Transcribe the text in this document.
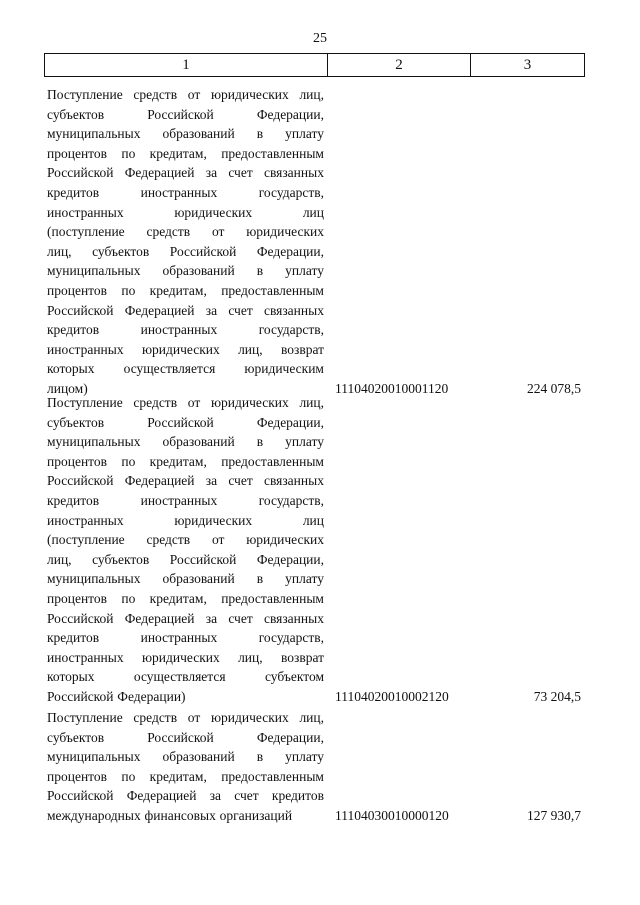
25
1	2	3
Поступление средств от юридических лиц,
субъектов	Российской	Федерации,
муниципальных образований в уплату
процентов по кредитам, предоставленным
Российской Федерацией за счет связанных
кредитов	иностранных	государств,
иностранных	юридических	лиц
(поступление средств от юридических
лиц, субъектов Российской Федерации,
муниципальных образований в уплату
процентов по кредитам, предоставленным
Российской Федерацией за счет связанных
кредитов	иностранных	государств,
иностранных юридических лиц, возврат
которых осуществляется юридическим
лицом)	11104020010001120	224 078,5
Поступление средств от юридических лиц,
субъектов	Российской	Федерации,
муниципальных образований в уплату
процентов по кредитам, предоставленным
Российской Федерацией за счет связанных
кредитов	иностранных	государств,
иностранных	юридических	лиц
(поступление средств от юридических
лиц, субъектов Российской Федерации,
муниципальных образований в уплату
процентов по кредитам, предоставленным
Российской Федерацией за счет связанных
кредитов	иностранных	государств,
иностранных юридических лиц, возврат
которых	осуществляется	субъектом
Российской Федерации)	11104020010002120	73 204,5
Поступление средств от юридических лиц,
субъектов	Российской	Федерации,
муниципальных образований в уплату
процентов по кредитам, предоставленным
Российской Федерацией за счет кредитов
международных финансовых организаций	11104030010000120	127 930,7
